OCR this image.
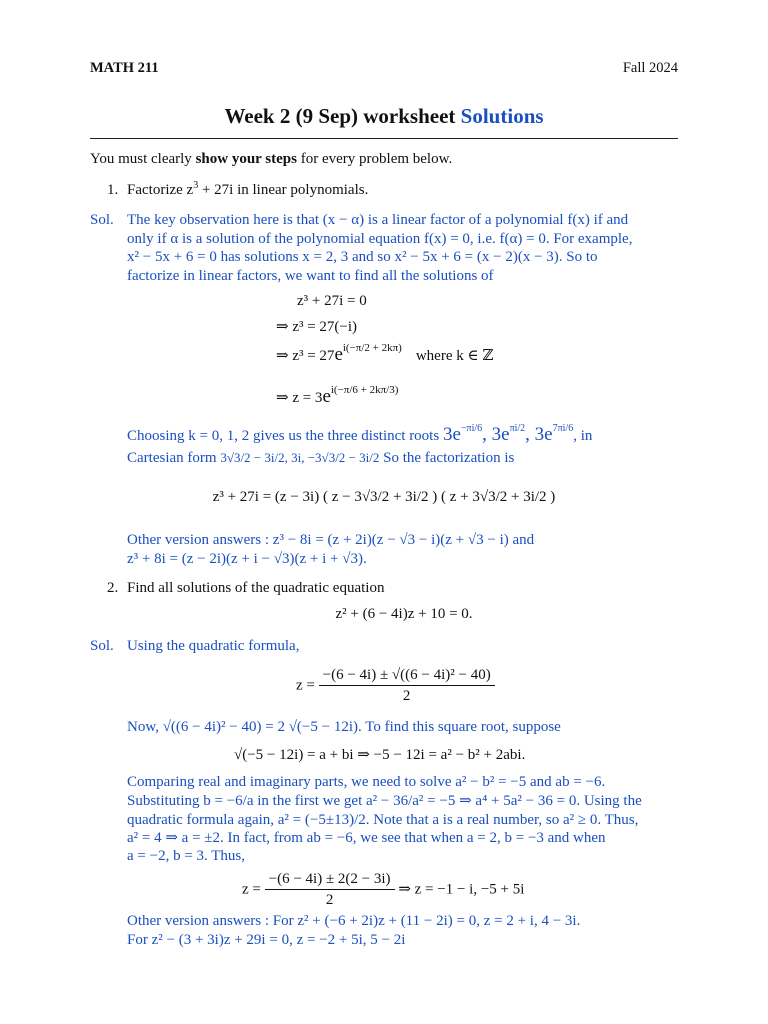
MATH 211	Fall 2024
Week 2 (9 Sep) worksheet Solutions
You must clearly show your steps for every problem below.
1. Factorize $z^3 + 27i$ in linear polynomials.
Sol. The key observation here is that (x − α) is a linear factor of a polynomial f(x) if and
only if α is a solution of the polynomial equation f(x) = 0, i.e. f(α) = 0. For example,
x² − 5x + 6 = 0 has solutions x = 2, 3 and so x² − 5x + 6 = (x − 2)(x − 3). So to
factorize in linear factors, we want to find all the solutions of
z³ + 27i = 0
⇒ z³ = 27(−i)
⇒ $z^3 = 27e^{i(-\pi/2 + 2k\pi)}$ where k ∈ ℤ
⇒ $z = 3e^{i(-\pi/6 + 2k\pi/3)}$
Choosing k = 0, 1, 2 gives us the three distinct roots $3e^{-\pi i/6}$, $3e^{\pi i/2}$, $3e^{7\pi i/6}$, in
Cartesian form 3√3/2 − 3i/2, 3i, −3√3/2 − 3i/2 So the factorization is
z³ + 27i = (z − 3i) ( z − 3√3/2 + 3i/2 ) ( z + 3√3/2 + 3i/2 )
Other version answers : z³ − 8i = (z + 2i)(z − √3 − i)(z + √3 − i) and
z³ + 8i = (z − 2i)(z + i − √3)(z + i + √3).
2. Find all solutions of the quadratic equation
z² + (6 − 4i)z + 10 = 0.
Sol. Using the quadratic formula,
$z = \frac{\text{−(6 − 4i) ± √((6 − 4i)² − 40)}}{2}$
Now, √((6 − 4i)² − 40) = 2 √(−5 − 12i). To find this square root, suppose
√(−5 − 12i) = a + bi ⇒ −5 − 12i = a² − b² + 2abi.
Comparing real and imaginary parts, we need to solve a² − b² = −5 and ab = −6.
Substituting b = −6/a in the first we get a² − 36/a² = −5 ⇒ a⁴ + 5a² − 36 = 0. Using the
quadratic formula again, a² = (−5±13)/2. Note that a is a real number, so a² ≥ 0. Thus,
a² = 4 ⇒ a = ±2. In fact, from ab = −6, we see that when a = 2, b = −3 and when
a = −2, b = 3. Thus,
$z = \frac{-(6 - 4i) \pm 2(2 - 3i)}{2}$ ⇒ z = −1 − i, −5 + 5i
Other version answers : For z² + (−6 + 2i)z + (11 − 2i) = 0, z = 2 + i, 4 − 3i.
For z² − (3 + 3i)z + 29i = 0, z = −2 + 5i, 5 − 2i
